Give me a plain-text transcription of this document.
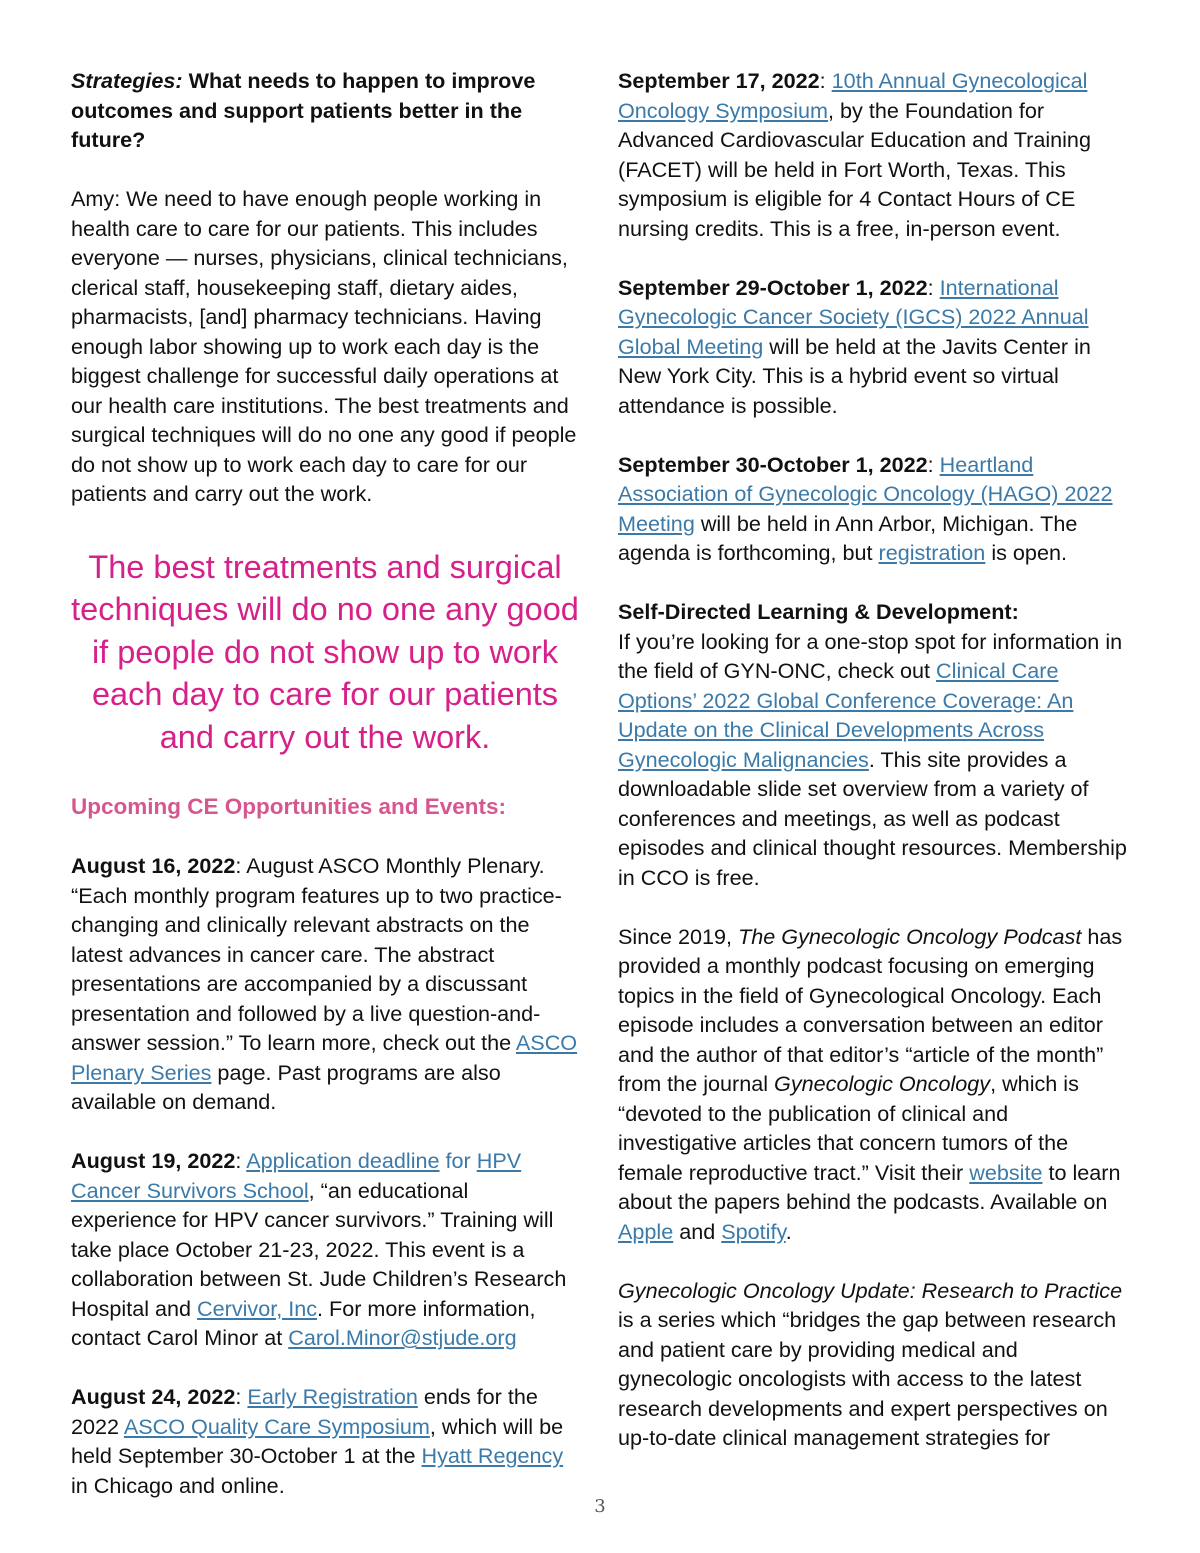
Strategies: What needs to happen to improve outcomes and support patients better in the future?

Amy: We need to have enough people working in health care to care for our patients. This includes everyone — nurses, physicians, clinical technicians, clerical staff, housekeeping staff, dietary aides, pharmacists, [and] pharmacy technicians. Having enough labor showing up to work each day is the biggest challenge for successful daily operations at our health care institutions. The best treatments and surgical techniques will do no one any good if people do not show up to work each day to care for our patients and carry out the work.

The best treatments and surgical techniques will do no one any good if people do not show up to work each day to care for our patients and carry out the work.

Upcoming CE Opportunities and Events:

August 16, 2022: August ASCO Monthly Plenary. “Each monthly program features up to two practice-changing and clinically relevant abstracts on the latest advances in cancer care. The abstract presentations are accompanied by a discussant presentation and followed by a live question-and-answer session.” To learn more, check out the ASCO Plenary Series page. Past programs are also available on demand.

August 19, 2022: Application deadline for HPV Cancer Survivors School, “an educational experience for HPV cancer survivors.” Training will take place October 21-23, 2022. This event is a collaboration between St. Jude Children’s Research Hospital and Cervivor, Inc. For more information, contact Carol Minor at Carol.Minor@stjude.org

August 24, 2022: Early Registration ends for the 2022 ASCO Quality Care Symposium, which will be held September 30-October 1 at the Hyatt Regency in Chicago and online.

September 17, 2022: 10th Annual Gynecological Oncology Symposium, by the Foundation for Advanced Cardiovascular Education and Training (FACET) will be held in Fort Worth, Texas. This symposium is eligible for 4 Contact Hours of CE nursing credits. This is a free, in-person event.

September 29-October 1, 2022: International Gynecologic Cancer Society (IGCS) 2022 Annual Global Meeting will be held at the Javits Center in New York City. This is a hybrid event so virtual attendance is possible.

September 30-October 1, 2022: Heartland Association of Gynecologic Oncology (HAGO) 2022 Meeting will be held in Ann Arbor, Michigan. The agenda is forthcoming, but registration is open.

Self-Directed Learning & Development:

If you’re looking for a one-stop spot for information in the field of GYN-ONC, check out Clinical Care Options’ 2022 Global Conference Coverage: An Update on the Clinical Developments Across Gynecologic Malignancies. This site provides a downloadable slide set overview from a variety of conferences and meetings, as well as podcast episodes and clinical thought resources. Membership in CCO is free.

Since 2019, The Gynecologic Oncology Podcast has provided a monthly podcast focusing on emerging topics in the field of Gynecological Oncology. Each episode includes a conversation between an editor and the author of that editor’s “article of the month” from the journal Gynecologic Oncology, which is “devoted to the publication of clinical and investigative articles that concern tumors of the female reproductive tract.” Visit their website to learn about the papers behind the podcasts. Available on Apple and Spotify.

Gynecologic Oncology Update: Research to Practice is a series which “bridges the gap between research and patient care by providing medical and gynecologic oncologists with access to the latest research developments and expert perspectives on up-to-date clinical management strategies for

3
